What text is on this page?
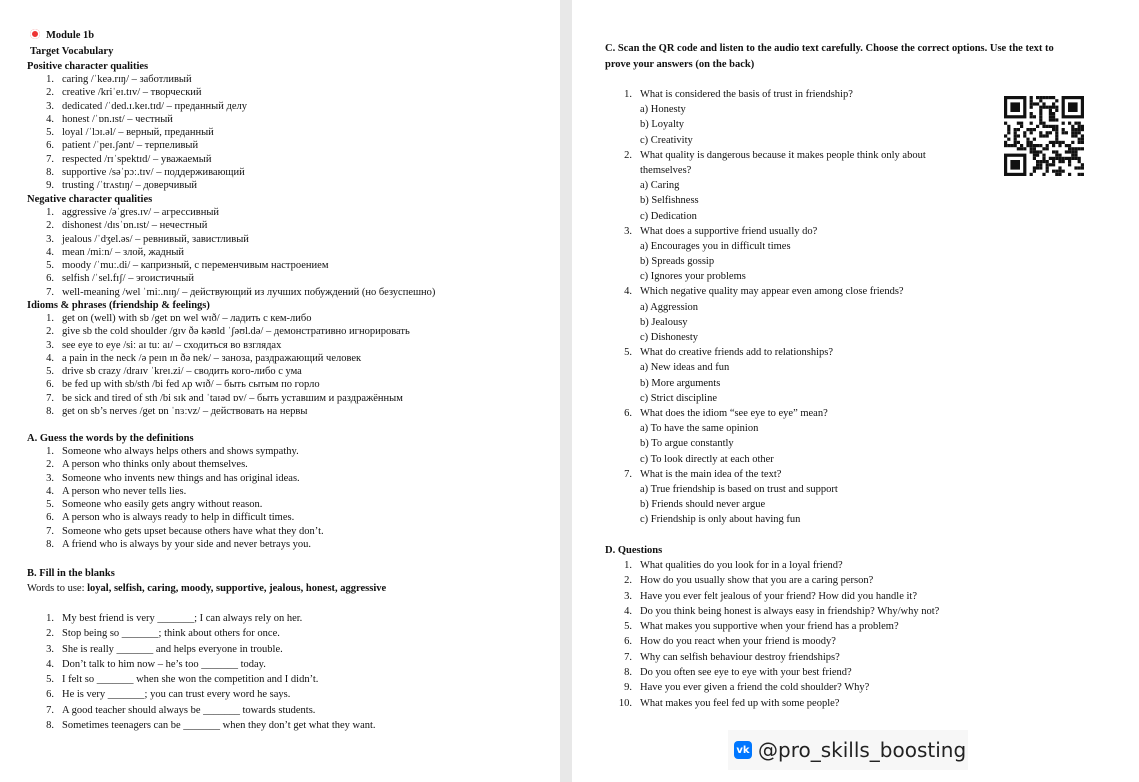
Module 1b
Target Vocabulary
Positive character qualities
1. caring /ˈkeə.rɪŋ/ – заботливый
2. creative /kriˈeɪ.tɪv/ – творческий
3. dedicated /ˈded.ɪ.keɪ.tɪd/ – преданный делу
4. honest /ˈɒn.ɪst/ – честный
5. loyal /ˈlɔɪ.əl/ – верный, преданный
6. patient /ˈpeɪ.ʃənt/ – терпеливый
7. respected /rɪˈspektɪd/ – уважаемый
8. supportive /səˈpɔː.tɪv/ – поддерживающий
9. trusting /ˈtrʌstɪŋ/ – доверчивый
Negative character qualities
1. aggressive /əˈgres.ɪv/ – агрессивный
2. dishonest /dɪsˈɒn.ɪst/ – нечестный
3. jealous /ˈdʒel.əs/ – ревнивый, завистливый
4. mean /miːn/ – злой, жадный
5. moody /ˈmuː.di/ – капризный, с переменчивым настроением
6. selfish /ˈsel.fɪʃ/ – эгоистичный
7. well-meaning /wel ˈmiː.nɪŋ/ – действующий из лучших побуждений (но безуспешно)
Idioms & phrases (friendship & feelings)
1. get on (well) with sb /get ɒn wel wɪð/ – ладить с кем-либо
2. give sb the cold shoulder /gɪv ðə kəʊld ˈʃəʊl.də/ – демонстративно игнорировать
3. see eye to eye /siː aɪ tuː aɪ/ – сходиться во взглядах
4. a pain in the neck /ə peɪn ɪn ðə nek/ – заноза, раздражающий человек
5. drive sb crazy /draɪv ˈkreɪ.zi/ – сводить кого-либо с ума
6. be fed up with sb/sth /bi fed ʌp wɪð/ – быть сытым по горло
7. be sick and tired of sth /bi sɪk ənd ˈtaɪəd ɒv/ – быть уставшим и раздражённым
8. get on sb’s nerves /get ɒn ˈnɜːvz/ – действовать на нервы
A. Guess the words by the definitions
1. Someone who always helps others and shows sympathy.
2. A person who thinks only about themselves.
3. Someone who invents new things and has original ideas.
4. A person who never tells lies.
5. Someone who easily gets angry without reason.
6. A person who is always ready to help in difficult times.
7. Someone who gets upset because others have what they don’t.
8. A friend who is always by your side and never betrays you.
B. Fill in the blanks
Words to use: loyal, selfish, caring, moody, supportive, jealous, honest, aggressive
1. My best friend is very _______; I can always rely on her.
2. Stop being so _______; think about others for once.
3. She is really _______ and helps everyone in trouble.
4. Don’t talk to him now – he’s too _______ today.
5. I felt so _______ when she won the competition and I didn’t.
6. He is very _______; you can trust every word he says.
7. A good teacher should always be _______ towards students.
8. Sometimes teenagers can be _______ when they don’t get what they want.
C. Scan the QR code and listen to the audio text carefully. Choose the correct options. Use the text to
prove your answers (on the back)
1. What is considered the basis of trust in friendship?
a) Honesty
b) Loyalty
c) Creativity
2. What quality is dangerous because it makes people think only about
themselves?
a) Caring
b) Selfishness
c) Dedication
3. What does a supportive friend usually do?
a) Encourages you in difficult times
b) Spreads gossip
c) Ignores your problems
4. Which negative quality may appear even among close friends?
a) Aggression
b) Jealousy
c) Dishonesty
5. What do creative friends add to relationships?
a) New ideas and fun
b) More arguments
c) Strict discipline
6. What does the idiom “see eye to eye” mean?
a) To have the same opinion
b) To argue constantly
c) To look directly at each other
7. What is the main idea of the text?
a) True friendship is based on trust and support
b) Friends should never argue
c) Friendship is only about having fun
D. Questions
1. What qualities do you look for in a loyal friend?
2. How do you usually show that you are a caring person?
3. Have you ever felt jealous of your friend? How did you handle it?
4. Do you think being honest is always easy in friendship? Why/why not?
5. What makes you supportive when your friend has a problem?
6. How do you react when your friend is moody?
7. Why can selfish behaviour destroy friendships?
8. Do you often see eye to eye with your best friend?
9. Have you ever given a friend the cold shoulder? Why?
10. What makes you feel fed up with some people?
vk @pro_skills_boosting
